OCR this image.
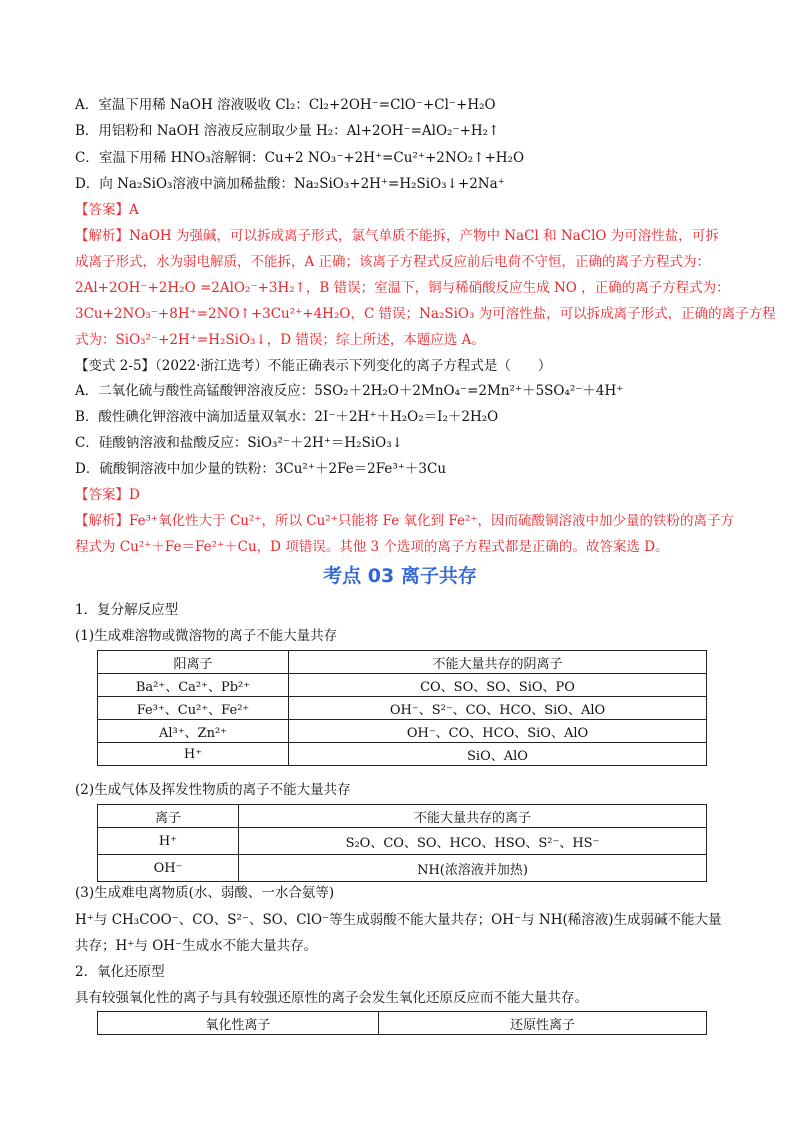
A．室温下用稀 NaOH 溶液吸收 Cl₂：Cl₂+2OH⁻=ClO⁻+Cl⁻+H₂O
B．用铝粉和 NaOH 溶液反应制取少量 H₂：Al+2OH⁻=AlO₂⁻+H₂↑
C．室温下用稀 HNO₃溶解铜：Cu+2 NO₃⁻+2H⁺=Cu²⁺+2NO₂↑+H₂O
D．向 Na₂SiO₃溶液中滴加稀盐酸：Na₂SiO₃+2H⁺=H₂SiO₃↓+2Na⁺
【答案】A
【解析】NaOH 为强碱，可以拆成离子形式，氯气单质不能拆，产物中 NaCl 和 NaClO 为可溶性盐，可拆
成离子形式，水为弱电解质，不能拆，A 正确；该离子方程式反应前后电荷不守恒，正确的离子方程式为：
2Al+2OH⁻+2H₂O =2AlO₂⁻+3H₂↑，B 错误；室温下，铜与稀硝酸反应生成 NO ，正确的离子方程式为：
3Cu+2NO₃⁻+8H⁺=2NO↑+3Cu²⁺+4H₂O，C 错误；Na₂SiO₃ 为可溶性盐，可以拆成离子形式，正确的离子方程
式为：SiO₃²⁻+2H⁺=H₂SiO₃↓，D 错误；综上所述，本题应选 A。
【变式 2-5】（2022·浙江选考）不能正确表示下列变化的离子方程式是（　　）
A．二氧化硫与酸性高锰酸钾溶液反应：5SO₂＋2H₂O＋2MnO₄⁻=2Mn²⁺＋5SO₄²⁻＋4H⁺
B．酸性碘化钾溶液中滴加适量双氧水：2I⁻＋2H⁺＋H₂O₂＝I₂＋2H₂O
C．硅酸钠溶液和盐酸反应：SiO₃²⁻＋2H⁺＝H₂SiO₃↓
D．硫酸铜溶液中加少量的铁粉：3Cu²⁺＋2Fe＝2Fe³⁺＋3Cu
【答案】D
【解析】Fe³⁺氧化性大于 Cu²⁺，所以 Cu²⁺只能将 Fe 氧化到 Fe²⁺，因而硫酸铜溶液中加少量的铁粉的离子方
程式为 Cu²⁺＋Fe＝Fe²⁺＋Cu，D 项错误。其他 3 个选项的离子方程式都是正确的。故答案选 D。
考点 03 离子共存
1．复分解反应型
(1)生成难溶物或微溶物的离子不能大量共存
阳离子	不能大量共存的阴离子
Ba²⁺、Ca²⁺、Pb²⁺	CO、SO、SO、SiO、PO
Fe³⁺、Cu²⁺、Fe²⁺	OH⁻、S²⁻、CO、HCO、SiO、AlO
Al³⁺、Zn²⁺	OH⁻、CO、HCO、SiO、AlO
H⁺	SiO、AlO
(2)生成气体及挥发性物质的离子不能大量共存
离子	不能大量共存的离子
H⁺	S₂O、CO、SO、HCO、HSO、S²⁻、HS⁻
OH⁻	NH(浓溶液并加热)
(3)生成难电离物质(水、弱酸、一水合氨等)
H⁺与 CH₃COO⁻、CO、S²⁻、SO、ClO⁻等生成弱酸不能大量共存；OH⁻与 NH(稀溶液)生成弱碱不能大量
共存；H⁺与 OH⁻生成水不能大量共存。
2．氧化还原型
具有较强氧化性的离子与具有较强还原性的离子会发生氧化还原反应而不能大量共存。
氧化性离子	还原性离子
